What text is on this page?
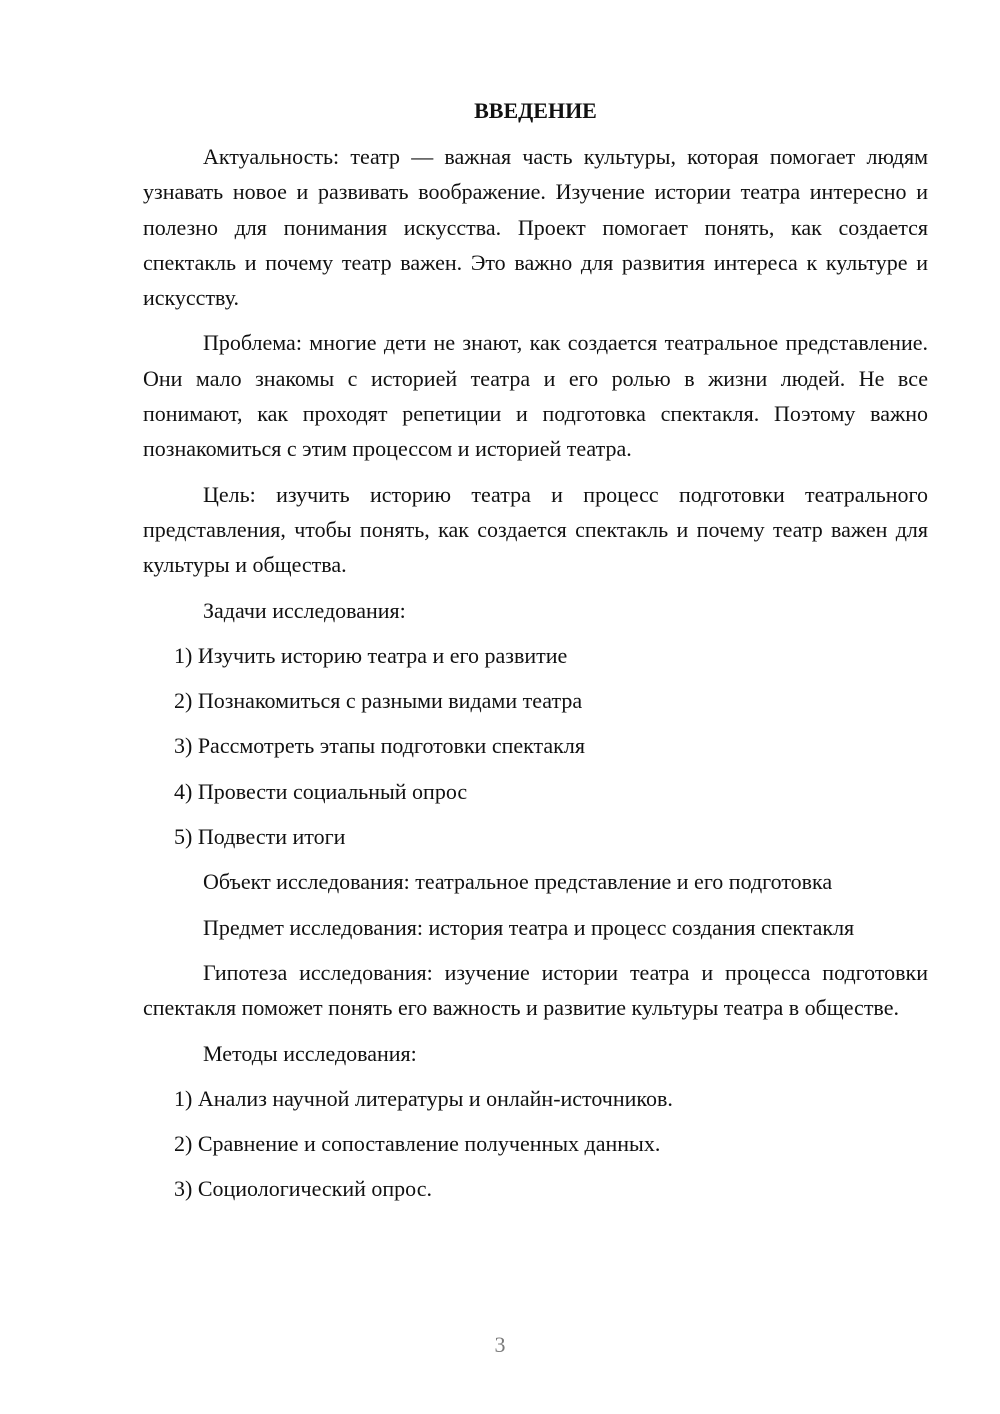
ВВЕДЕНИЕ

Актуальность: театр — важная часть культуры, которая помогает людям узнавать новое и развивать воображение. Изучение истории театра интересно и полезно для понимания искусства. Проект помогает понять, как создается спектакль и почему театр важен. Это важно для развития интереса к культуре и искусству.

Проблема: многие дети не знают, как создается театральное представление. Они мало знакомы с историей театра и его ролью в жизни людей. Не все понимают, как проходят репетиции и подготовка спектакля. Поэтому важно познакомиться с этим процессом и историей театра.

Цель: изучить историю театра и процесс подготовки театрального представления, чтобы понять, как создается спектакль и почему театр важен для культуры и общества.

Задачи исследования:
1) Изучить историю театра и его развитие
2) Познакомиться с разными видами театра
3) Рассмотреть этапы подготовки спектакля
4) Провести социальный опрос
5) Подвести итоги
Объект исследования: театральное представление и его подготовка

Предмет исследования: история театра и процесс создания спектакля

Гипотеза исследования: изучение истории театра и процесса подготовки спектакля поможет понять его важность и развитие культуры театра в обществе.

Методы исследования:
1) Анализ научной литературы и онлайн-источников.
2) Сравнение и сопоставление полученных данных.
3) Социологический опрос.
3
